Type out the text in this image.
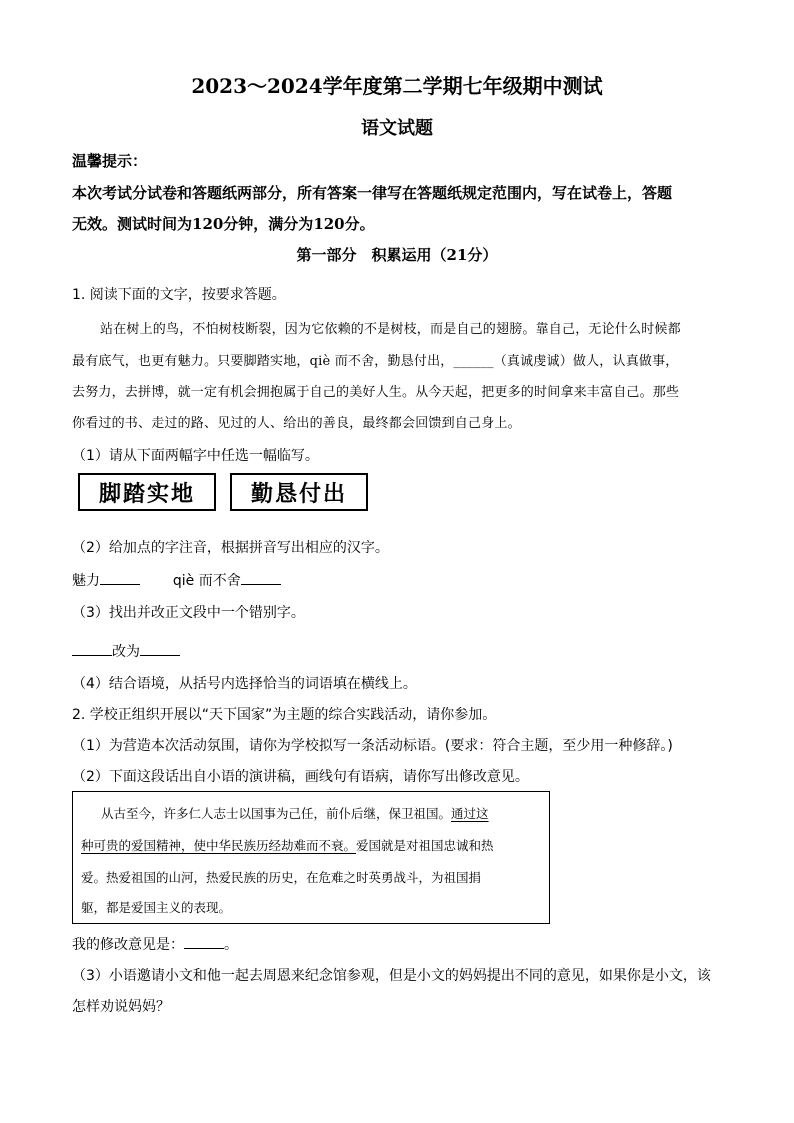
2023～2024学年度第二学期七年级期中测试
语文试题
温馨提示：
本次考试分试卷和答题纸两部分，所有答案一律写在答题纸规定范围内，写在试卷上，答题
无效。测试时间为120分钟，满分为120分。
第一部分　积累运用（21分）
1. 阅读下面的文字，按要求答题。
站在树上的鸟，不怕树枝断裂，因为它依赖的不是树枝，而是自己的翅膀。靠自己，无论什么时候都
最有底气，也更有魅力。只要脚踏实地，qiè 而不舍，勤恳付出，______（真诚虔诚）做人，认真做事，
去努力，去拼博，就一定有机会拥抱属于自己的美好人生。从今天起，把更多的时间拿来丰富自己。那些
你看过的书、走过的路、见过的人、给出的善良，最终都会回馈到自己身上。
（1）请从下面两幅字中任选一幅临写。
脚踏实地	勤恳付出
（2）给加点的字注音，根据拼音写出相应的汉字。
魅力	qiè 而不舍
（3）找出并改正文段中一个错别字。
改为
（4）结合语境，从括号内选择恰当的词语填在横线上。
2. 学校正组织开展以“天下国家”为主题的综合实践活动，请你参加。
（1）为营造本次活动氛围，请你为学校拟写一条活动标语。(要求：符合主题，至少用一种修辞。)
（2）下面这段话出自小语的演讲稿，画线句有语病，请你写出修改意见。
从古至今，许多仁人志士以国事为己任，前仆后继，保卫祖国。通过这
种可贵的爱国精神，使中华民族历经劫难而不衰。爱国就是对祖国忠诚和热
爱。热爱祖国的山河，热爱民族的历史，在危难之时英勇战斗，为祖国捐
躯，都是爱国主义的表现。
我的修改意见是：	。
（3）小语邀请小文和他一起去周恩来纪念馆参观，但是小文的妈妈提出不同的意见，如果你是小文，该
怎样劝说妈妈？
